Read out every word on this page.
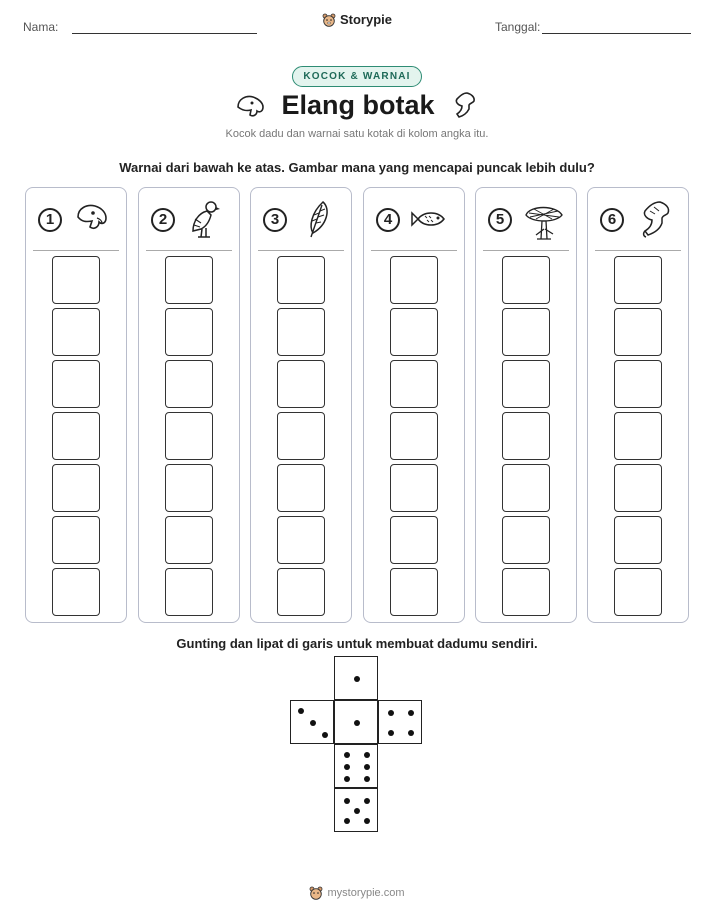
Nama:	Storypie	Tanggal:
KOCOK & WARNAI
Elang botak
Kocok dadu dan warnai satu kotak di kolom angka itu.
Warnai dari bawah ke atas. Gambar mana yang mencapai puncak lebih dulu?
1	2	3	4	5	6
Gunting dan lipat di garis untuk membuat dadumu sendiri.
mystorypie.com
